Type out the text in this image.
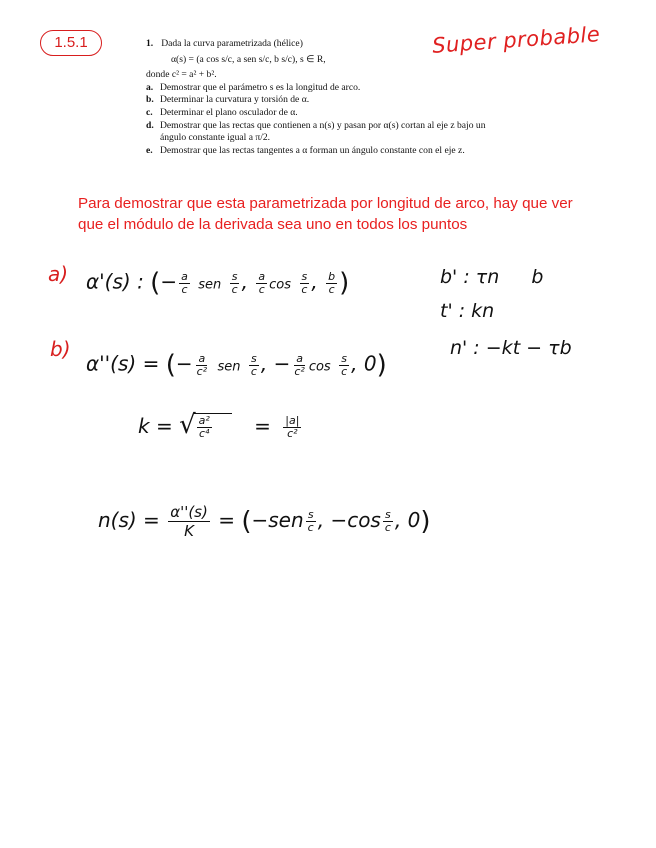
1.5.1	Super probable
1. Dada la curva parametrizada (hélice)
α(s) = (a cos s/c, a sen s/c, b s/c), s ∈ R,
donde c² = a² + b².
a. Demostrar que el parámetro s es la longitud de arco.
b. Determinar la curvatura y torsión de α.
c. Determinar el plano osculador de α.
d. Demostrar que las rectas que contienen a n(s) y pasan por α(s) cortan al eje z bajo un
ángulo constante igual a π/2.
e. Demostrar que las rectas tangentes a α forman un ángulo constante con el eje z.
Para demostrar que esta parametrizada por longitud de arco, hay que ver que el módulo de la derivada sea uno en todos los puntos
a)
b)
α'(s) : (− $\frac{a}{c}$ sen $\frac{s}{c}$ , $\frac{a}{c}$ $\cos \frac{s}{c}$ , $\frac{b}{c}$ )
α''(s) = (− $\frac{a}{\text{c²}}$ sen $\frac{s}{c}$ , − $\frac{a}{\text{c²}}$ $\cos \frac{s}{c}$ , 0)
k = √ $\frac{\text{a²}}{\text{c⁴}} = \frac{|a|}{\text{c²}}$
$n(s) = \frac{\alpha''(s)}{K} = (-sen \frac{s}{c}$ , $-\cos \frac{s}{c}$ , 0)
b' : τn b
t' : kn
n' : −kt − τb
